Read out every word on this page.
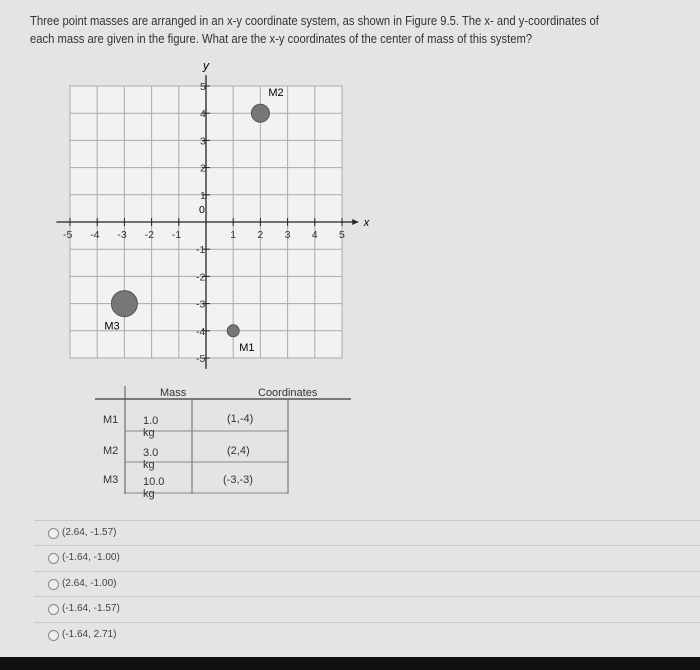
Three point masses are arranged in an x-y coordinate system, as shown in Figure 9.5. The x- and y-coordinates of each mass are given in the figure. What are the x-y coordinates of the center of mass of this system?
x
y
-5
-5
-4
-4
-3
-3
-2
-2
-1
-1
1
1
2
2
3
3
4
4
5
5
0
M1
M2
M3
Mass	Coordinates
M1 1.0 kg
(1,-4)
M2 3.0 kg
(2,4)
M3 10.0 kg
(-3,-3)
(2.64, -1.57)
(-1.64, -1.00)
(2.64, -1.00)
(-1.64, -1.57)
(-1.64, 2.71)
